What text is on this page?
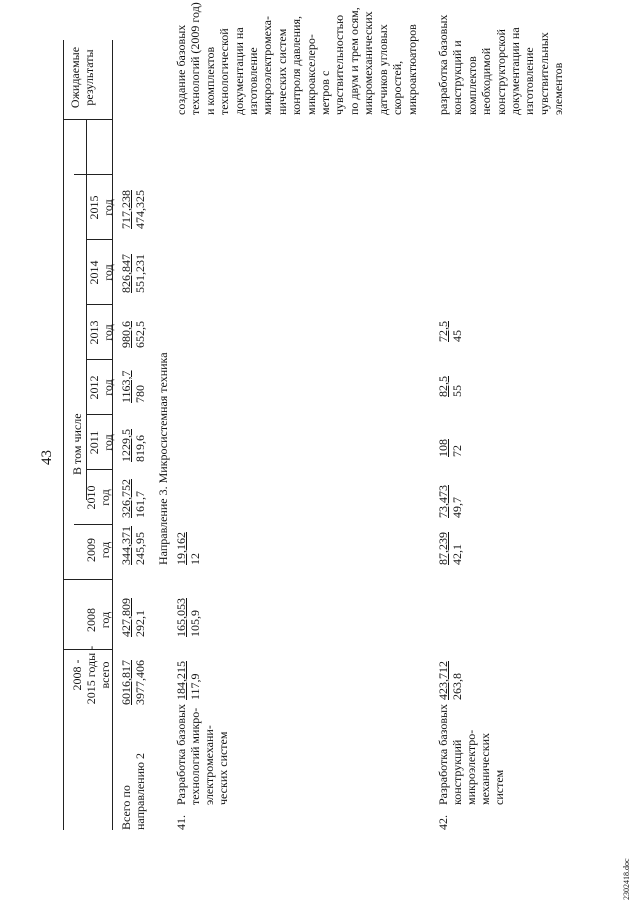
43
2008 - 2015 годы - всего
2008 год
2009 год
2010 год
В том числе 2011 год
2012 год
2013 год
2014 год
2015 год
Ожидаемые результаты
Всего по направлению 2
6016,817 3977,406
427,809 292,1
344,371 245,95
326,752 161,7
1229,5 819,6
1163,7 780
980,6 652,5
826,847 551,231
717,238 474,325
Направление 3. Микросистемная техника
41.
Разработка базовых технологий микро- электромехани- ческих систем
184,215 117,9
165,053 105,9
19,162 12
создание базовых технологий (2009 год) и комплектов технологической документации на изготовление микроэлектромеха- нических систем контроля давления, микроакселеро- метров с чувствительностью по двум и трем осям, микромеханических датчиков угловых скоростей, микроактюаторов
42.
Разработка базовых конструкций микроэлектро- механических систем
423,712 263,8
87,239 42,1
73,473 49,7
108 72
82,5 55
72,5 45
разработка базовых конструкций и комплектов необходимой конструкторской документации на изготовление чувствительных элементов
2302418.doc
